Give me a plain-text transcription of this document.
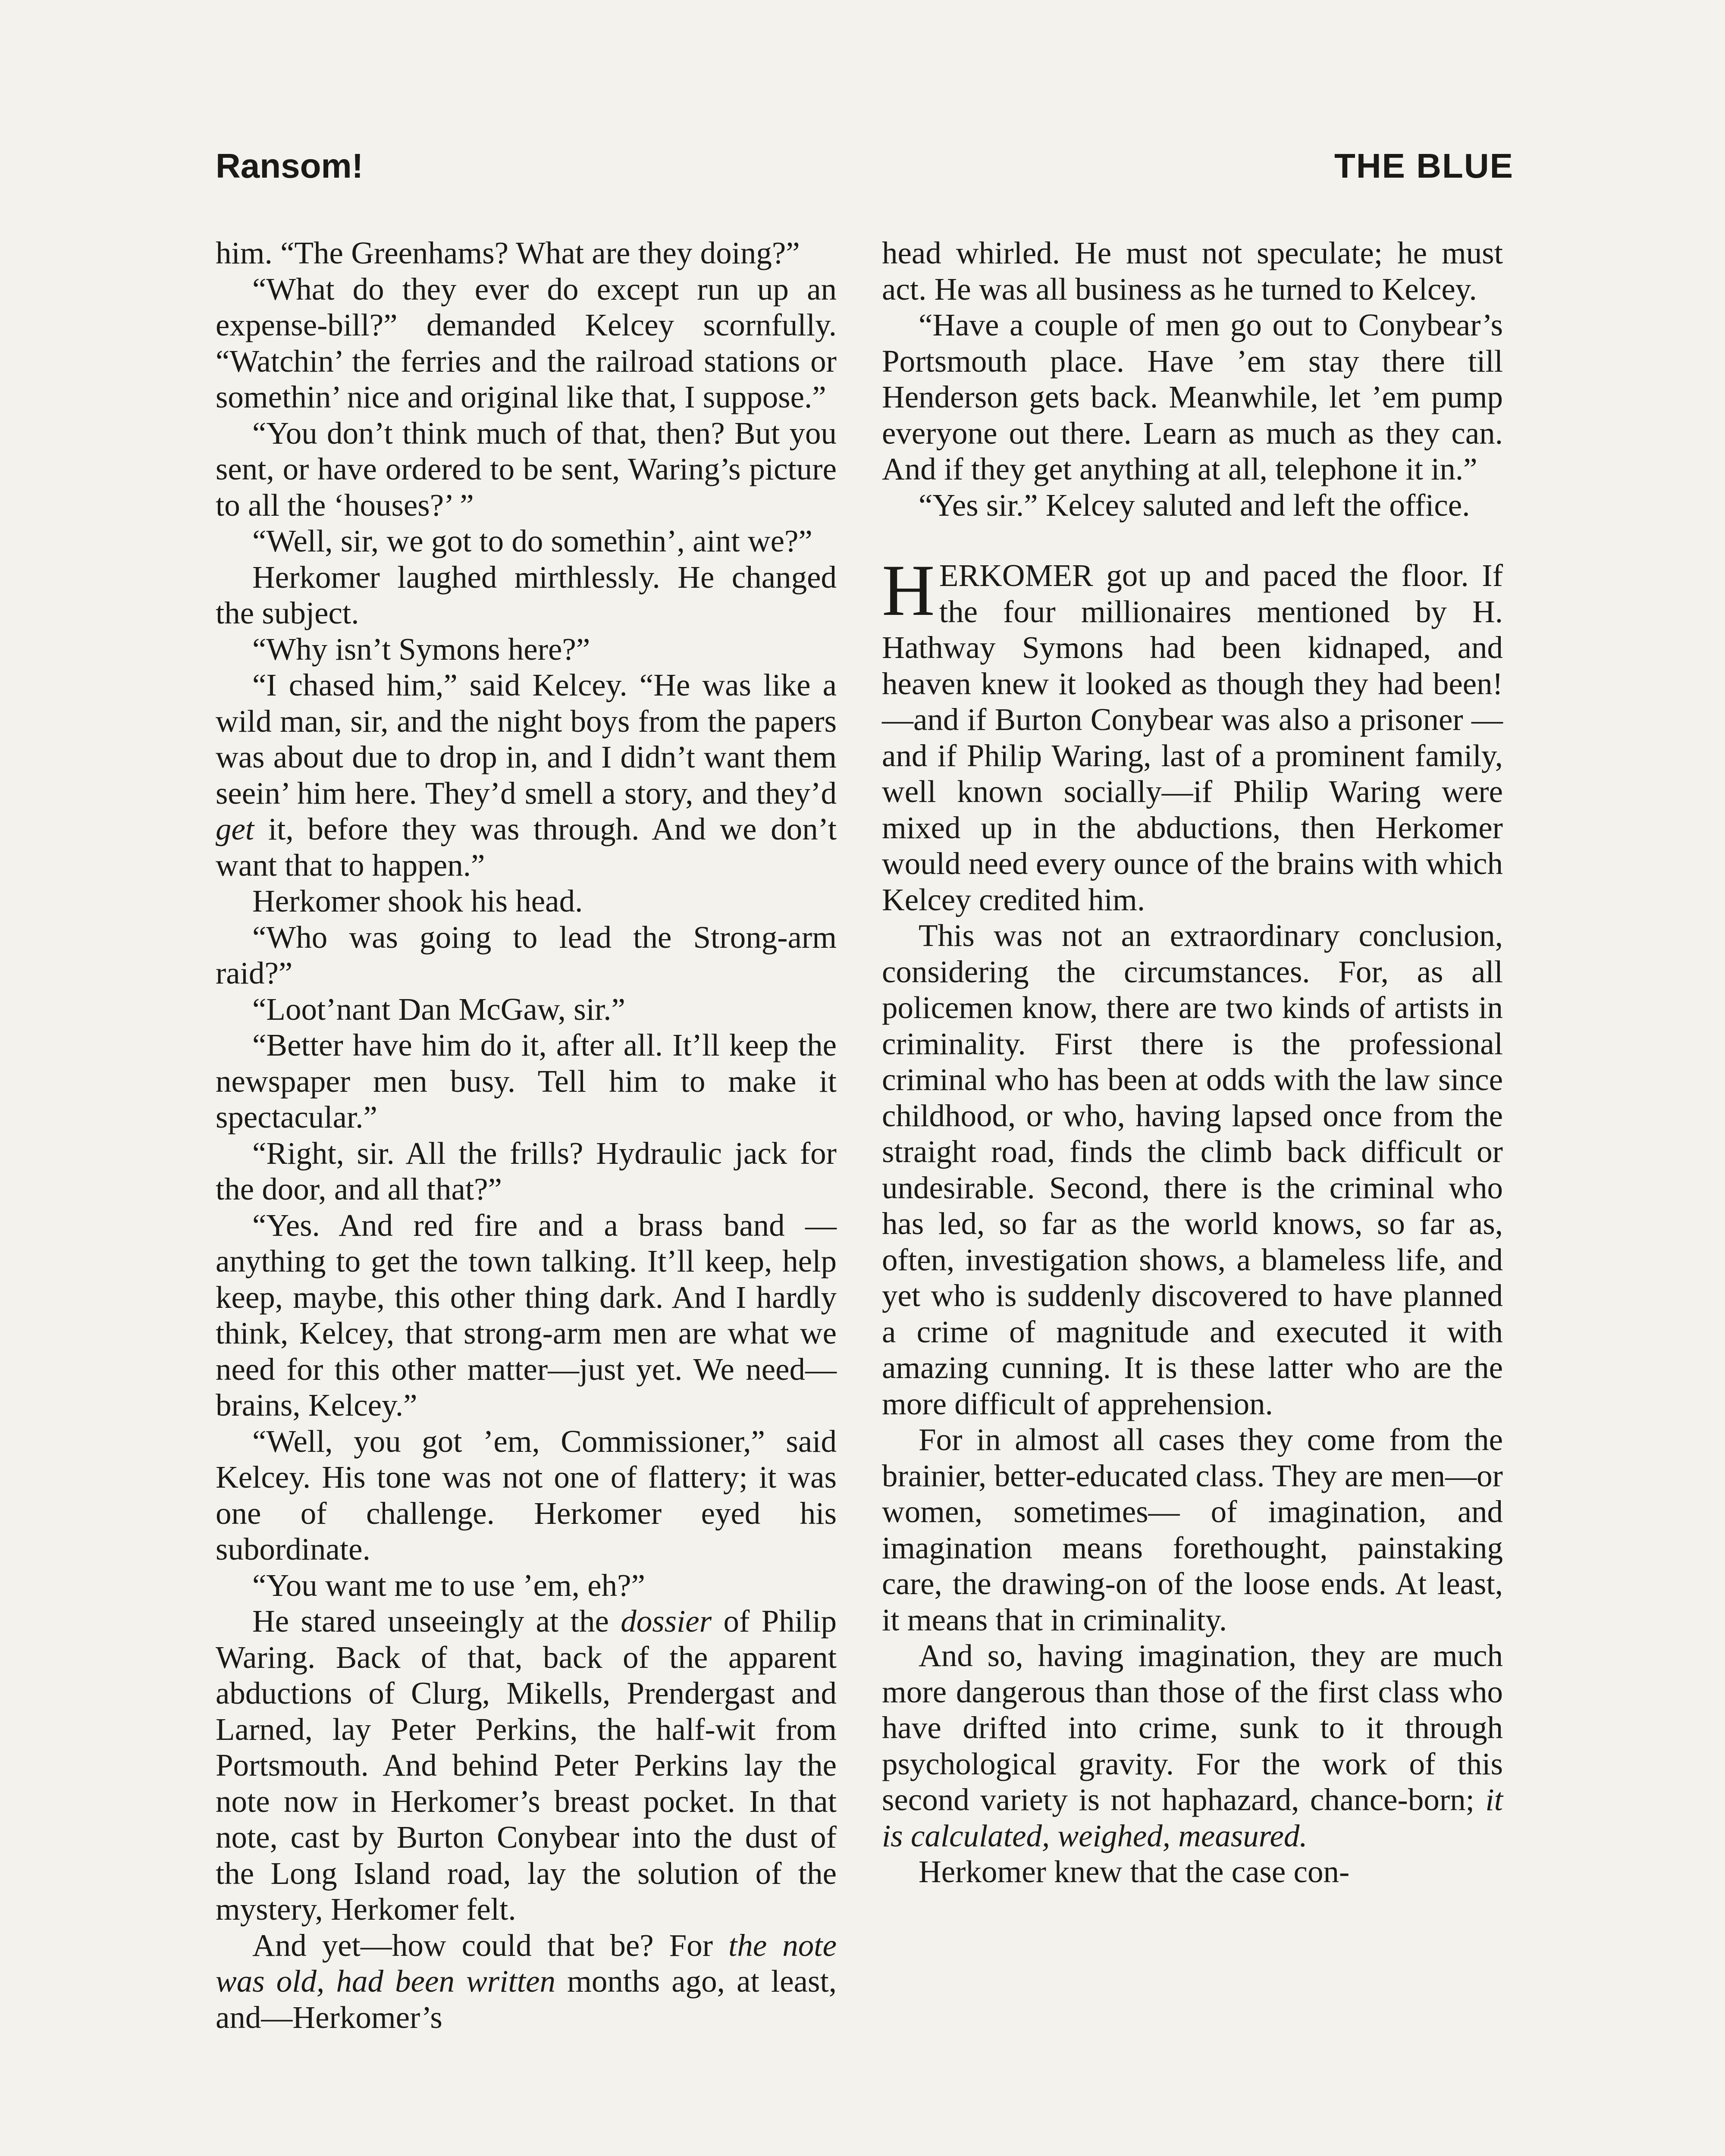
Ransom!	THE BLUE

him. “The Greenhams? What are they doing?”

“What do they ever do except run up an expense-bill?” demanded Kelcey scornfully. “Watchin’ the ferries and the railroad stations or somethin’ nice and original like that, I suppose.”

“You don’t think much of that, then? But you sent, or have ordered to be sent, Waring’s picture to all the ‘houses?’ ”

“Well, sir, we got to do somethin’, aint we?”

Herkomer laughed mirthlessly. He changed the subject.

“Why isn’t Symons here?”

“I chased him,” said Kelcey. “He was like a wild man, sir, and the night boys from the papers was about due to drop in, and I didn’t want them seein’ him here. They’d smell a story, and they’d get it, before they was through. And we don’t want that to happen.”

Herkomer shook his head.

“Who was going to lead the Strong-arm raid?”

“Loot’nant Dan McGaw, sir.”

“Better have him do it, after all. It’ll keep the newspaper men busy. Tell him to make it spectacular.”

“Right, sir. All the frills? Hydraulic jack for the door, and all that?”

“Yes. And red fire and a brass band —anything to get the town talking. It’ll keep, help keep, maybe, this other thing dark. And I hardly think, Kelcey, that strong-arm men are what we need for this other matter—just yet. We need—brains, Kelcey.”

“Well, you got ’em, Commissioner,” said Kelcey. His tone was not one of flattery; it was one of challenge. Herkomer eyed his subordinate.

“You want me to use ’em, eh?”

He stared unseeingly at the dossier of Philip Waring. Back of that, back of the apparent abductions of Clurg, Mikells, Prendergast and Larned, lay Peter Perkins, the half-wit from Portsmouth. And behind Peter Perkins lay the note now in Herkomer’s breast pocket. In that note, cast by Burton Conybear into the dust of the Long Island road, lay the solution of the mystery, Herkomer felt.

And yet—how could that be? For the note was old, had been written months ago, at least, and—Herkomer’s

head whirled. He must not speculate; he must act. He was all business as he turned to Kelcey.

“Have a couple of men go out to Conybear’s Portsmouth place. Have ’em stay there till Henderson gets back. Meanwhile, let ’em pump everyone out there. Learn as much as they can. And if they get anything at all, telephone it in.”

“Yes sir.” Kelcey saluted and left the office.

HERKOMER got up and paced the floor. If the four millionaires mentioned by H. Hathway Symons had been kidnaped, and heaven knew it looked as though they had been!—and if Burton Conybear was also a prisoner —and if Philip Waring, last of a prominent family, well known socially—if Philip Waring were mixed up in the abductions, then Herkomer would need every ounce of the brains with which Kelcey credited him.

This was not an extraordinary conclusion, considering the circumstances. For, as all policemen know, there are two kinds of artists in criminality. First there is the professional criminal who has been at odds with the law since childhood, or who, having lapsed once from the straight road, finds the climb back difficult or undesirable. Second, there is the criminal who has led, so far as the world knows, so far as, often, investigation shows, a blameless life, and yet who is suddenly discovered to have planned a crime of magnitude and executed it with amazing cunning. It is these latter who are the more difficult of apprehension.

For in almost all cases they come from the brainier, better-educated class. They are men—or women, sometimes— of imagination, and imagination means forethought, painstaking care, the drawing-on of the loose ends. At least, it means that in criminality.

And so, having imagination, they are much more dangerous than those of the first class who have drifted into crime, sunk to it through psychological gravity. For the work of this second variety is not haphazard, chance-born; it is calculated, weighed, measured.

Herkomer knew that the case con-
